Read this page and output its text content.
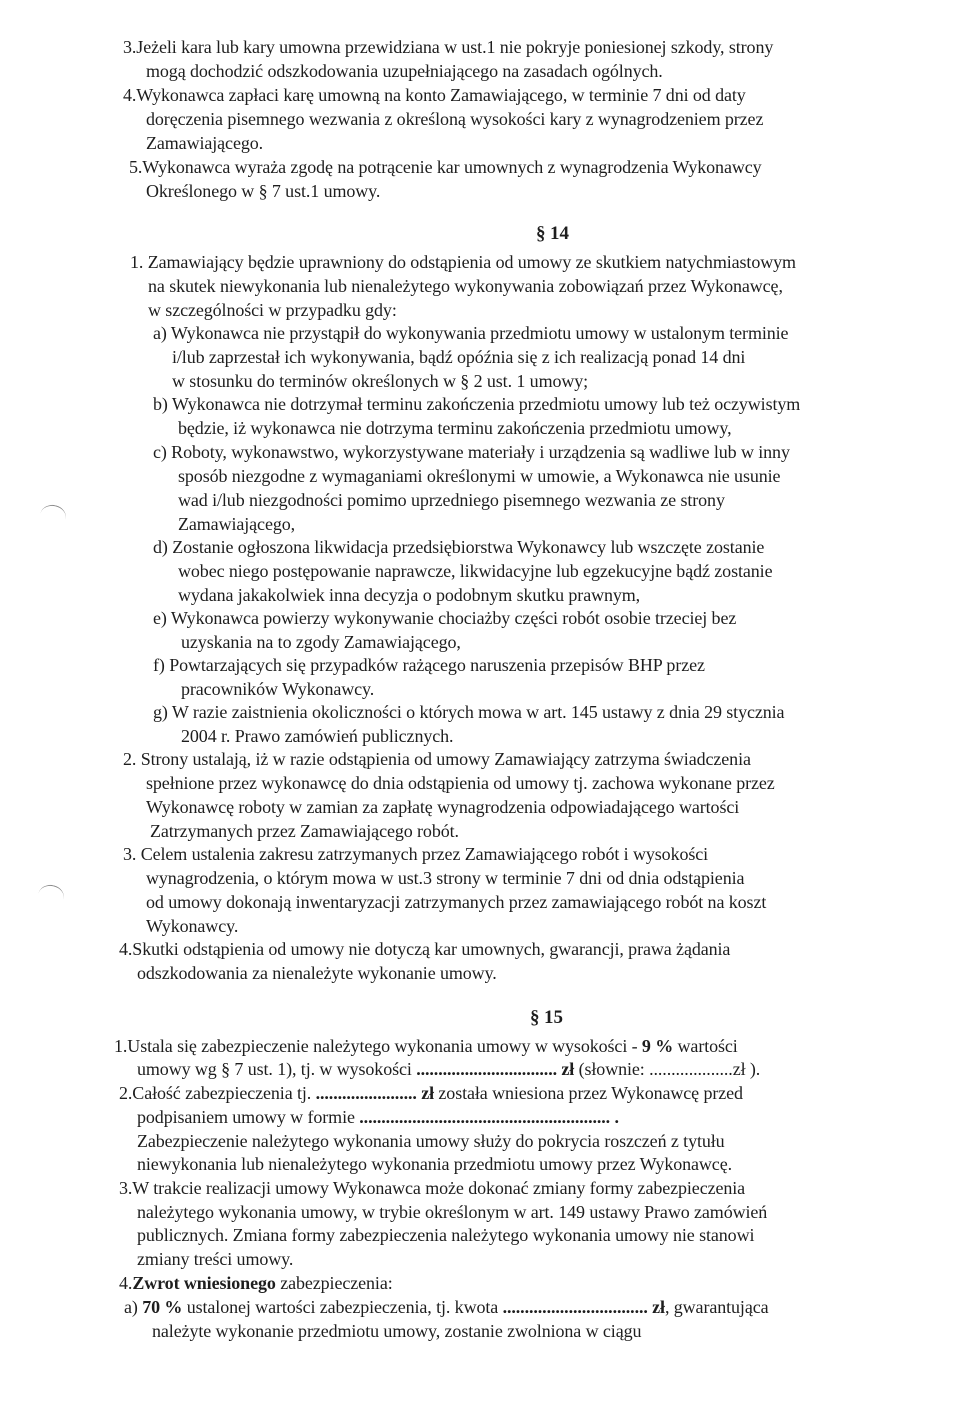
3.Jeżeli kara lub kary umowna przewidziana w ust.1 nie pokryje poniesionej szkody, strony
mogą dochodzić odszkodowania uzupełniającego na zasadach ogólnych.
4.Wykonawca zapłaci karę umowną na konto Zamawiającego, w terminie 7 dni od daty
doręczenia pisemnego wezwania z określoną wysokości kary z wynagrodzeniem przez
Zamawiającego.
5.Wykonawca wyraża zgodę na potrącenie kar umownych z wynagrodzenia Wykonawcy
Określonego w § 7 ust.1 umowy.
§ 14
1. Zamawiający będzie uprawniony do odstąpienia od umowy ze skutkiem natychmiastowym
na skutek niewykonania lub nienależytego wykonywania zobowiązań przez Wykonawcę,
w szczególności w przypadku gdy:
a) Wykonawca nie przystąpił do wykonywania przedmiotu umowy w ustalonym terminie
i/lub zaprzestał ich wykonywania, bądź opóźnia się z ich realizacją ponad 14 dni
w stosunku do terminów określonych w § 2 ust. 1 umowy;
b) Wykonawca nie dotrzymał terminu zakończenia przedmiotu umowy lub też oczywistym
będzie, iż wykonawca nie dotrzyma terminu zakończenia przedmiotu umowy,
c) Roboty, wykonawstwo, wykorzystywane materiały i urządzenia są wadliwe lub w inny
sposób niezgodne z wymaganiami określonymi w umowie, a Wykonawca nie usunie
wad i/lub niezgodności pomimo uprzedniego pisemnego wezwania ze strony
Zamawiającego,
d) Zostanie ogłoszona likwidacja przedsiębiorstwa Wykonawcy lub wszczęte zostanie
wobec niego postępowanie naprawcze, likwidacyjne lub egzekucyjne bądź zostanie
wydana jakakolwiek inna decyzja o podobnym skutku prawnym,
e) Wykonawca powierzy wykonywanie chociażby części robót osobie trzeciej bez
uzyskania na to zgody Zamawiającego,
f) Powtarzających się przypadków rażącego naruszenia przepisów BHP przez
pracowników Wykonawcy.
g) W razie zaistnienia okoliczności o których mowa w art. 145 ustawy z dnia 29 stycznia
2004 r. Prawo zamówień publicznych.
2. Strony ustalają, iż w razie odstąpienia od umowy Zamawiający zatrzyma świadczenia
spełnione przez wykonawcę do dnia odstąpienia od umowy tj. zachowa wykonane przez
Wykonawcę roboty w zamian za zapłatę wynagrodzenia odpowiadającego wartości
Zatrzymanych przez Zamawiającego robót.
3. Celem ustalenia zakresu zatrzymanych przez Zamawiającego robót i wysokości
wynagrodzenia, o którym mowa w ust.3 strony w terminie 7 dni od dnia odstąpienia
od umowy dokonają inwentaryzacji zatrzymanych przez zamawiającego robót na koszt
Wykonawcy.
4.Skutki odstąpienia od umowy nie dotyczą kar umownych, gwarancji, prawa żądania
odszkodowania za nienależyte wykonanie umowy.
§ 15
1.Ustala się zabezpieczenie należytego wykonania umowy w wysokości - 9 % wartości
umowy wg § 7 ust. 1), tj. w wysokości ................................ zł (słownie: ...................zł ).
2.Całość zabezpieczenia tj. ....................... zł została wniesiona przez Wykonawcę przed
podpisaniem umowy w formie ......................................................... .
Zabezpieczenie należytego wykonania umowy służy do pokrycia roszczeń z tytułu
niewykonania lub nienależytego wykonania przedmiotu umowy przez Wykonawcę.
3.W trakcie realizacji umowy Wykonawca może dokonać zmiany formy zabezpieczenia
należytego wykonania umowy, w trybie określonym w art. 149 ustawy Prawo zamówień
publicznych. Zmiana formy zabezpieczenia należytego wykonania umowy nie stanowi
zmiany treści umowy.
4.Zwrot wniesionego zabezpieczenia:
a) 70 % ustalonej wartości zabezpieczenia, tj. kwota ................................. zł, gwarantująca
należyte wykonanie przedmiotu umowy, zostanie zwolniona w ciągu
